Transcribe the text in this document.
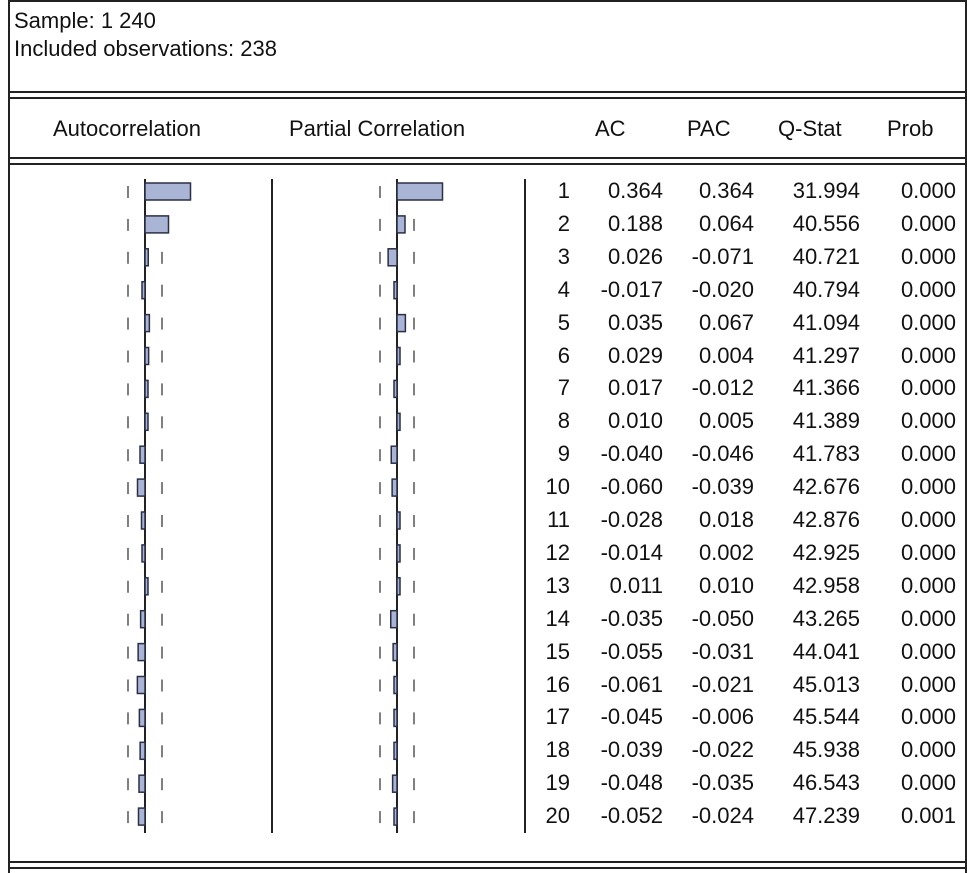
Sample: 1 240
Included observations: 238
Autocorrelation	Partial Correlation	AC	PAC Q-Stat Prob
1	0.364	0.364	31.994	0.000
2	0.188	0.064	40.556	0.000
3	0.026	-0.071	40.721	0.000
4	-0.017	-0.020	40.794	0.000
5	0.035	0.067	41.094	0.000
6	0.029	0.004	41.297	0.000
7	0.017	-0.012	41.366	0.000
8	0.010	0.005	41.389	0.000
9	-0.040	-0.046	41.783	0.000
10	-0.060	-0.039	42.676	0.000
11	-0.028	0.018	42.876	0.000
12	-0.014	0.002	42.925	0.000
13	0.011	0.010	42.958	0.000
14	-0.035	-0.050	43.265	0.000
15	-0.055	-0.031	44.041	0.000
16	-0.061	-0.021	45.013	0.000
17	-0.045	-0.006	45.544	0.000
18	-0.039	-0.022	45.938	0.000
19	-0.048	-0.035	46.543	0.000
20	-0.052	-0.024	47.239	0.001
